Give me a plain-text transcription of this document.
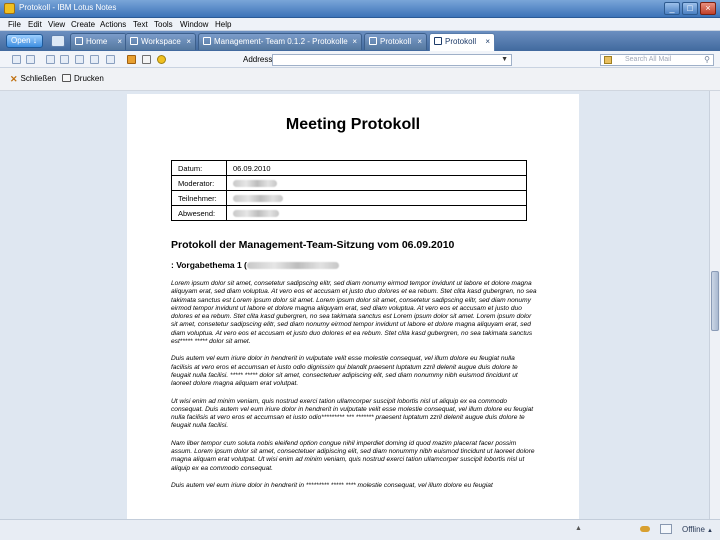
Protokoll - IBM Lotus Notes	_	□	×
File Edit View Create Actions Text Tools Window Help
Open ↓	Home ×	Workspace ×	Management- Team 0.1.2 - Protokolle ×	Protokoll ×	Protokoll ×
Address	▼	Search All Mail	⚲
✕ Schließen	Drucken
Meeting Protokoll
Datum:	06.09.2010
Moderator:	
Teilnehmer:	
Abwesend:	
Protokoll der Management-Team-Sitzung vom 06.09.2010
: Vorgabethema 1 (

Lorem ipsum dolor sit amet, consetetur sadipscing elitr, sed diam nonumy eirmod tempor invidunt ut labore et dolore magna aliquyam erat, sed diam voluptua. At vero eos et accusam et justo duo dolores et ea rebum. Stet clita kasd gubergren, no sea takimata sanctus est Lorem ipsum dolor sit amet. Lorem ipsum dolor sit amet, consetetur sadipscing elitr, sed diam nonumy eirmod tempor invidunt ut labore et dolore magna aliquyam erat, sed diam voluptua. At vero eos et accusam et justo duo dolores et ea rebum. Stet clita kasd gubergren, no sea takimata sanctus est Lorem ipsum dolor sit amet. Lorem ipsum dolor sit amet, consetetur sadipscing elitr, sed diam nonumy eirmod tempor invidunt ut labore et dolore magna aliquyam erat, sed diam voluptua. At vero eos et accusam et justo duo dolores et ea rebum. Stet clita kasd gubergren, no sea takimata sanctus est***** ***** dolor sit amet.

Duis autem vel eum iriure dolor in hendrerit in vulputate velit esse molestie consequat, vel illum dolore eu feugiat nulla facilisis at vero eros et accumsan et iusto odio dignissim qui blandit praesent luptatum zzril delenit augue duis dolore te feugait nulla facilisi. ***** ***** dolor sit amet, consectetuer adipiscing elit, sed diam nonummy nibh euismod tincidunt ut laoreet dolore magna aliquam erat volutpat.

Ut wisi enim ad minim veniam, quis nostrud exerci tation ullamcorper suscipit lobortis nisl ut aliquip ex ea commodo consequat. Duis autem vel eum iriure dolor in hendrerit in vulputate velit esse molestie consequat, vel illum dolore eu feugiat nulla facilisis at vero eros et accumsan et iusto odio********* *** ******* praesent luptatum zzril delenit augue duis dolore te feugait nulla facilisi.

Nam liber tempor cum soluta nobis eleifend option congue nihil imperdiet doming id quod mazim placerat facer possim assum. Lorem ipsum dolor sit amet, consectetuer adipiscing elit, sed diam nonummy nibh euismod tincidunt ut laoreet dolore magna aliquam erat volutpat. Ut wisi enim ad minim veniam, quis nostrud exerci tation ullamcorper suscipit lobortis nisl ut aliquip ex ea commodo consequat.

Duis autem vel eum iriure dolor in hendrerit in ********* ***** **** molestie consequat, vel illum dolore eu feugiat

▲	Offline ▲
